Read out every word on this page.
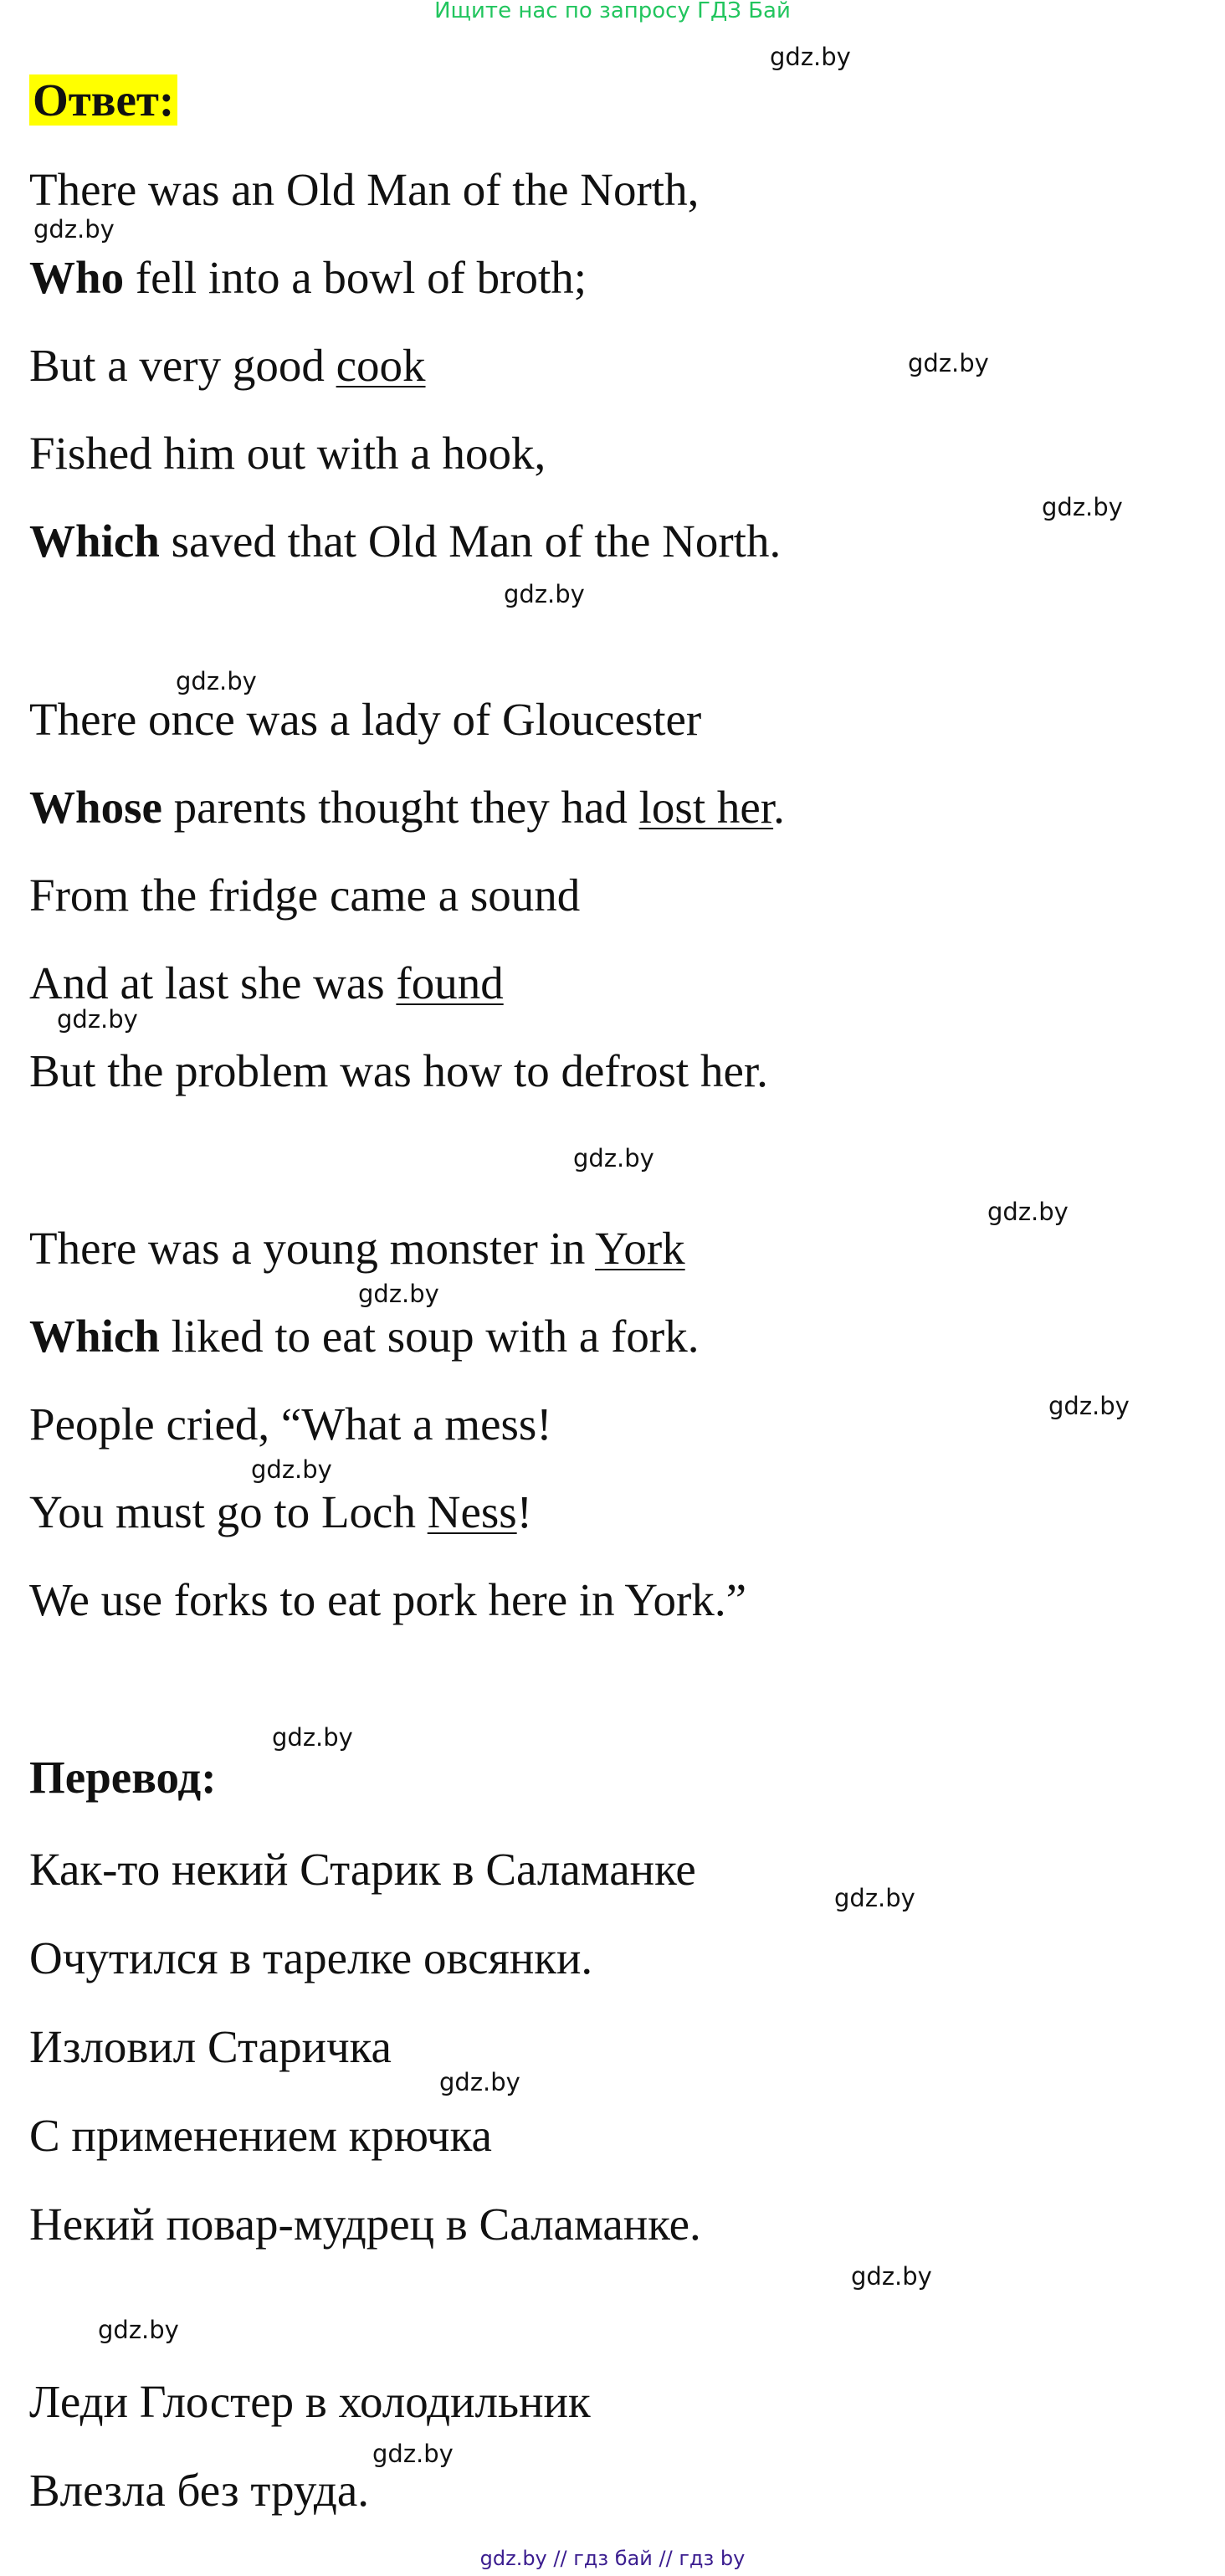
Ищите нас по запросу ГДЗ Бай
gdz.by
gdz.by
gdz.by
gdz.by
gdz.by
gdz.by
gdz.by
gdz.by
gdz.by
gdz.by
gdz.by
gdz.by
gdz.by
gdz.by
gdz.by
gdz.by
gdz.by
gdz.by
Ответ:
There was an Old Man of the North,
Who fell into a bowl of broth;
But a very good cook
Fished him out with a hook,
Which saved that Old Man of the North.
There once was a lady of Gloucester
Whose parents thought they had lost her.
From the fridge came a sound
And at last she was found
But the problem was how to defrost her.
There was a young monster in York
Which liked to eat soup with a fork.
People cried, “What a mess!
You must go to Loch Ness!
We use forks to eat pork here in York.”
Перевод:
Как-то некий Старик в Саламанке
Очутился в тарелке овсянки.
Изловил Старичка
С применением крючка
Некий повар-мудрец в Саламанке.
Леди Глостер в холодильник
Влезла без труда.
gdz.by // гдз бай // гдз by
